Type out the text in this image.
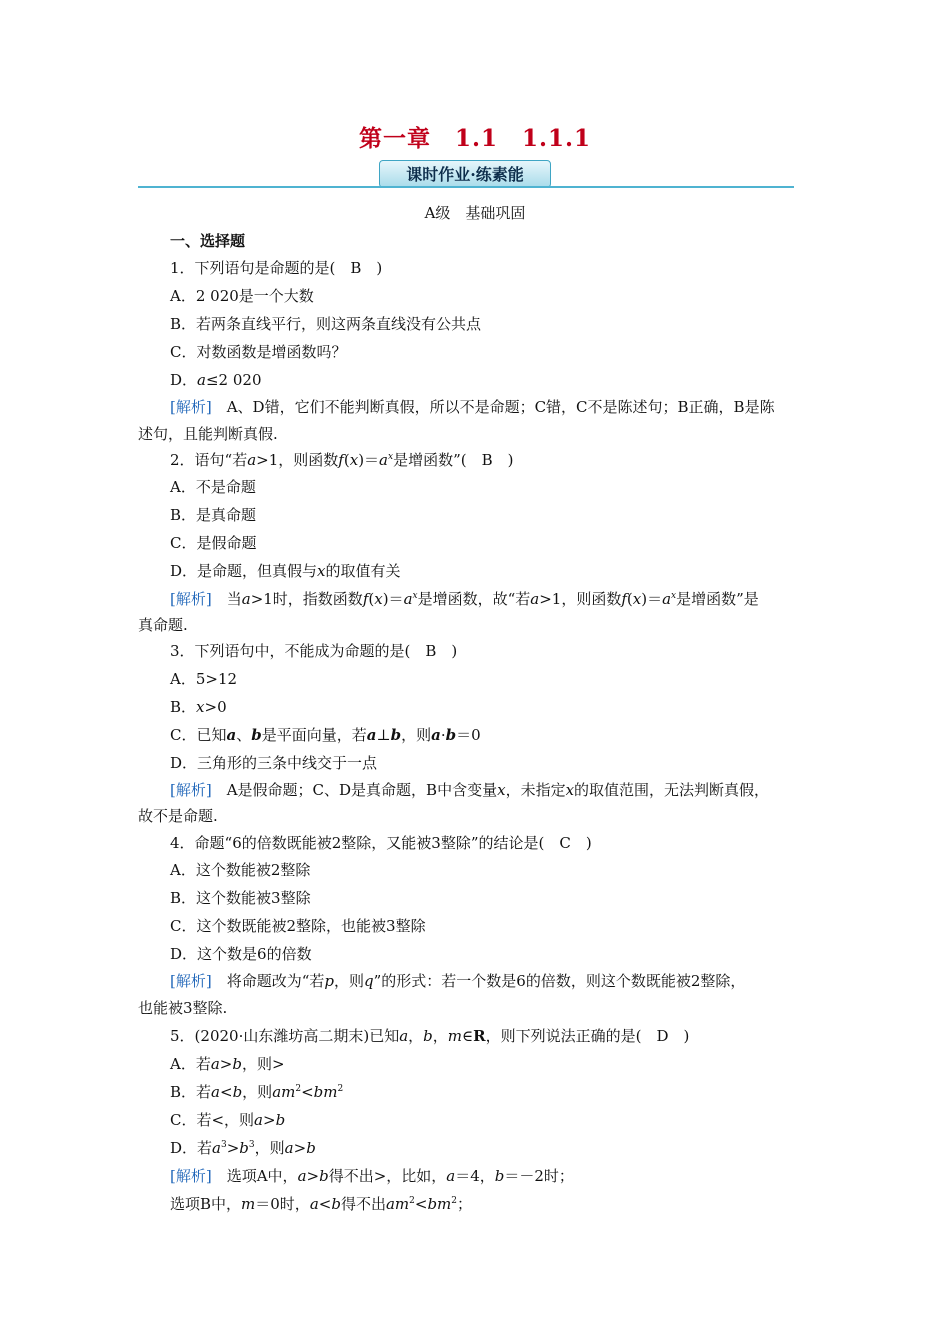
第一章　1.1　1.1.1
课时作业·练素能
A级　基础巩固
一、选择题
1．下列语句是命题的是(　B　)
A．2 020是一个大数
B．若两条直线平行，则这两条直线没有公共点
C．对数函数是增函数吗？
D．a≤2 020
[解析]　A、D错，它们不能判断真假，所以不是命题；C错，C不是陈述句；B正确，B是陈
述句，且能判断真假.
2．语句“若a>1，则函数$f(x)=a^x$是增函数”(　B　)
A．不是命题
B．是真命题
C．是假命题
D．是命题，但真假与x的取值有关
[解析]　当a>1时，指数函数$f(x)=a^x$是增函数，故“若a>1，则函数$f(x)=a^x$是增函数”是
真命题.
3．下列语句中，不能成为命题的是(　B　)
A．5>12
B．x>0
C．已知a、b是平面向量，若a⊥b，则a·b＝0
D．三角形的三条中线交于一点
[解析]　A是假命题；C、D是真命题，B中含变量x，未指定x的取值范围，无法判断真假，
故不是命题.
4．命题“6的倍数既能被2整除，又能被3整除”的结论是(　C　)
A．这个数能被2整除
B．这个数能被3整除
C．这个数既能被2整除，也能被3整除
D．这个数是6的倍数
[解析]　将命题改为“若p，则q”的形式：若一个数是6的倍数，则这个数既能被2整除，
也能被3整除.
5．(2020·山东潍坊高二期末)已知a，b，m∈R，则下列说法正确的是(　D　)
A．若a>b，则>
B．若a<b，则$am^2<bm^2$
C．若<，则a>b
D．若$a^3>b^3$，则a>b
[解析]　选项A中，a>b得不出>，比如，a＝4，b＝－2时；
选项B中，m＝0时，a<b得不出$am^2<bm^2$；
